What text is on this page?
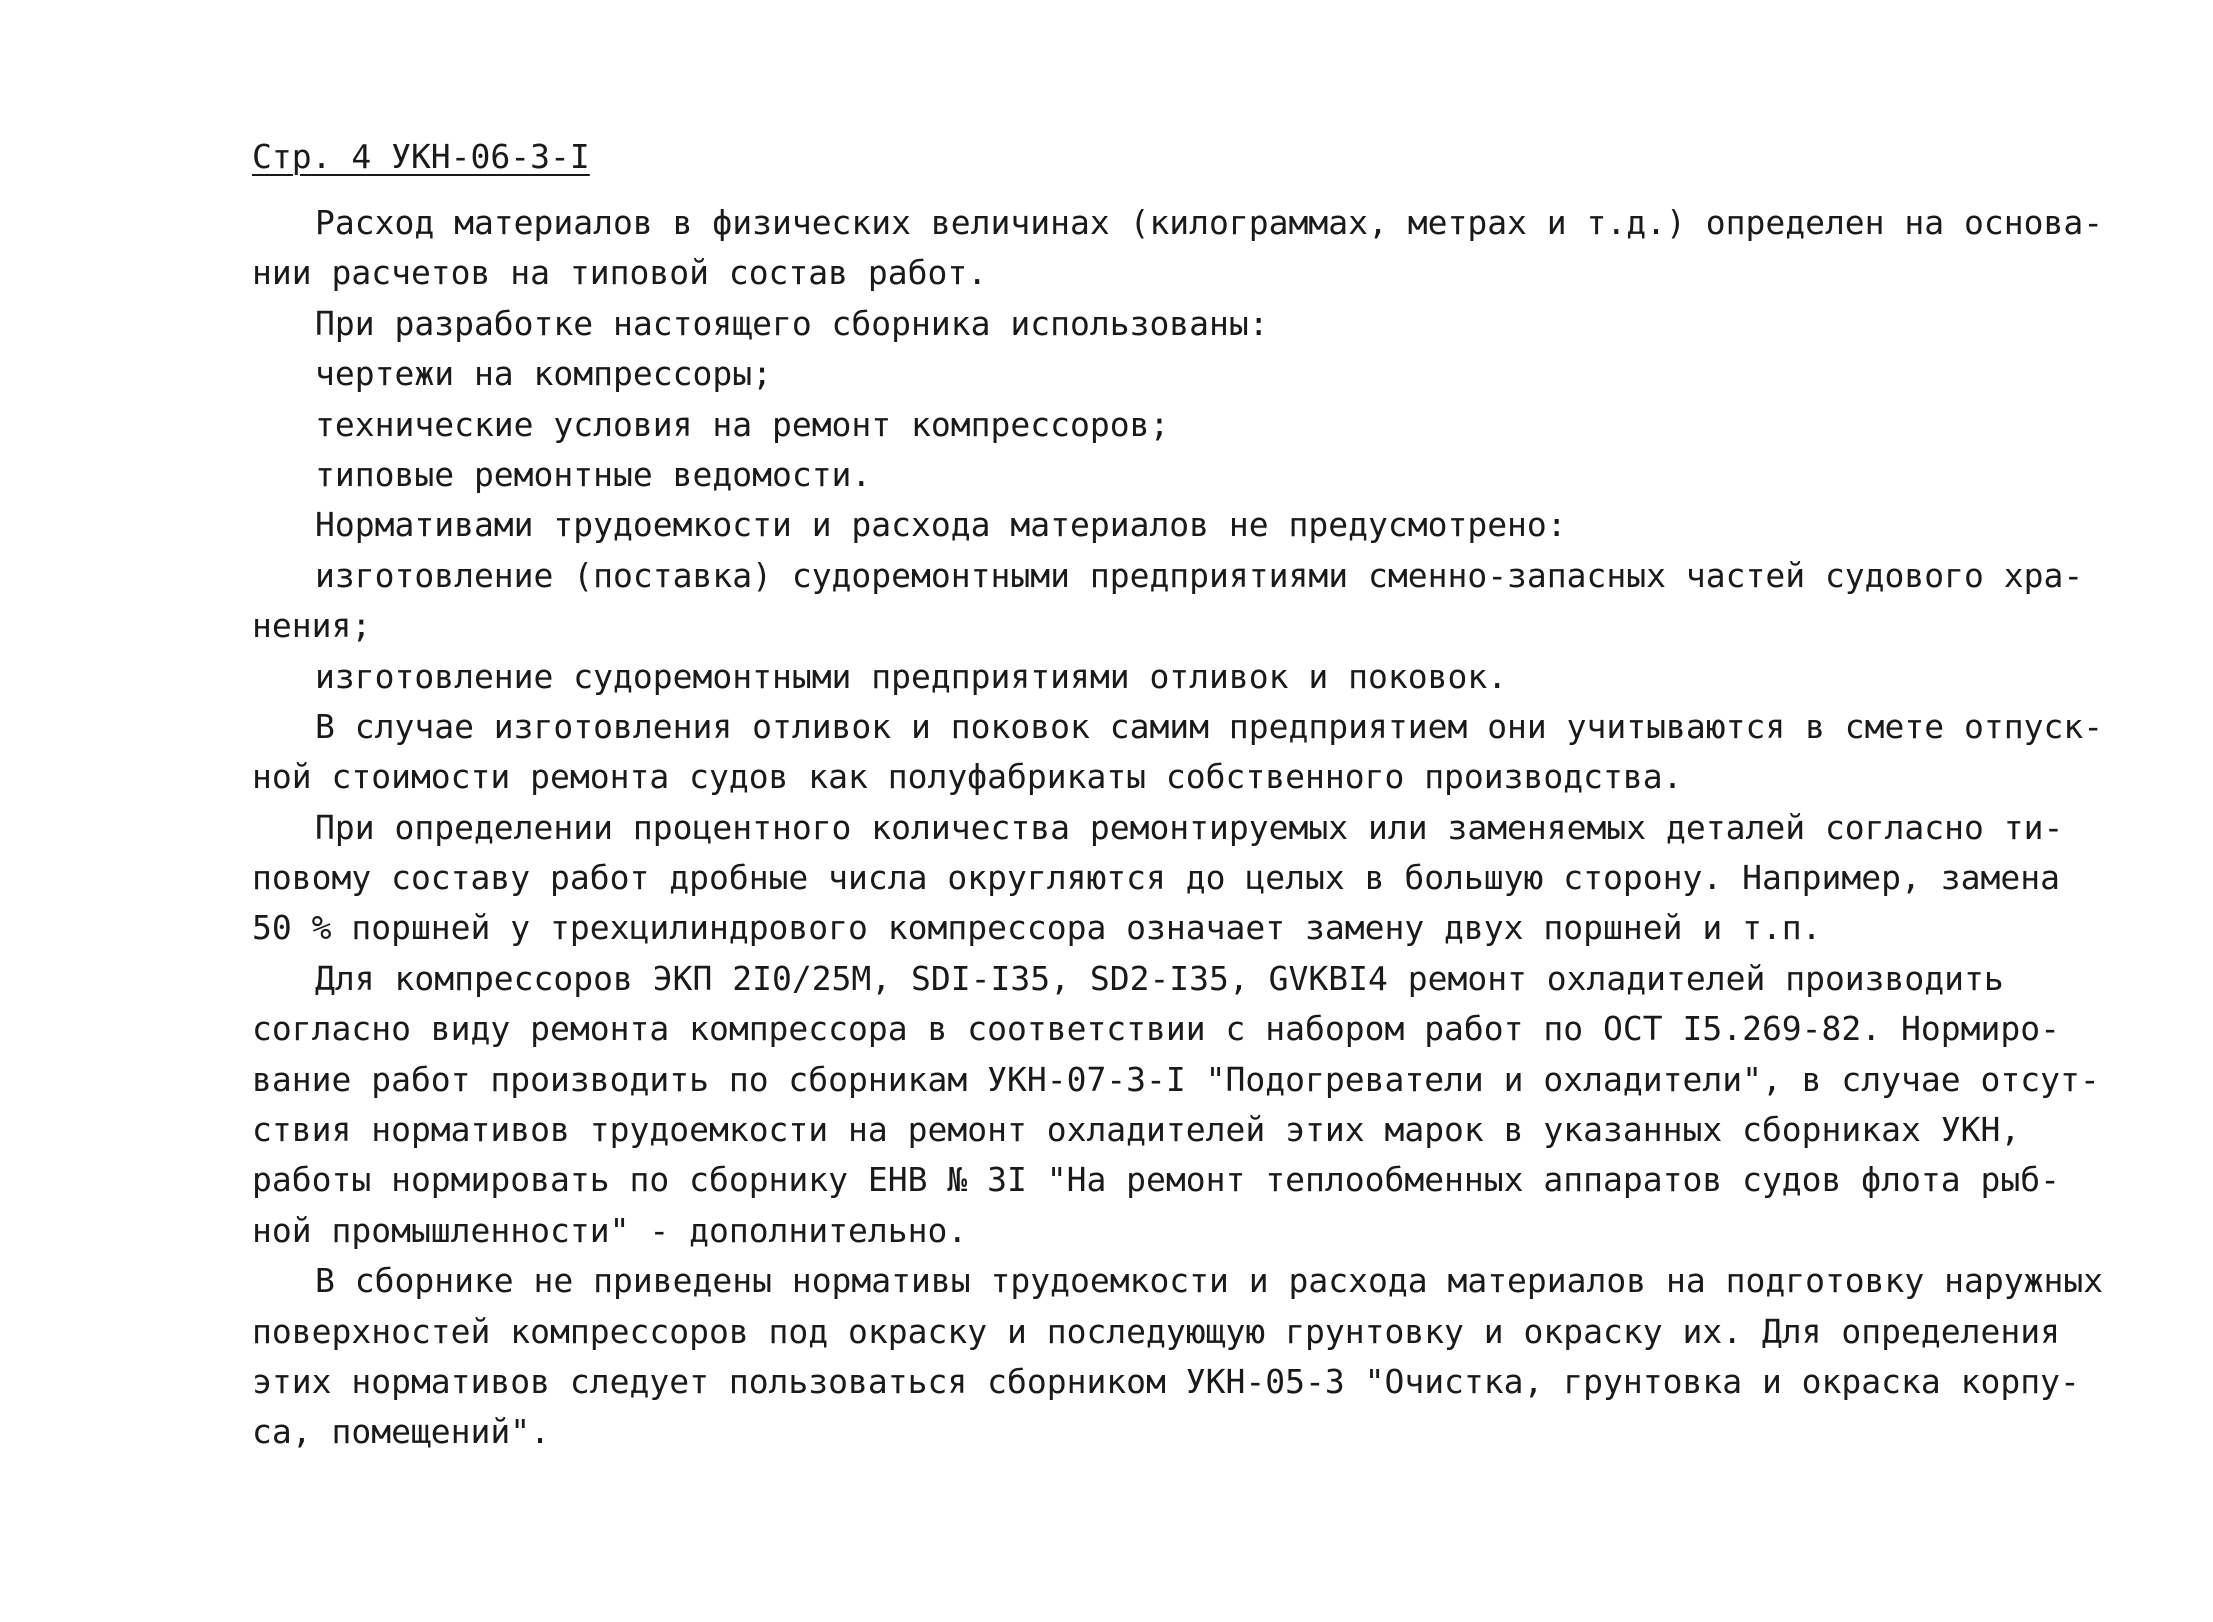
Стр. 4 УКН-06-3-I
Расход материалов в физических величинах (килограммах, метрах и т.д.) определен на основа-
нии расчетов на типовой состав работ.
При разработке настоящего сборника использованы:
чертежи на компрессоры;
технические условия на ремонт компрессоров;
типовые ремонтные ведомости.
Нормативами трудоемкости и расхода материалов не предусмотрено:
изготовление (поставка) судоремонтными предприятиями сменно-запасных частей судового хра-
нения;
изготовление судоремонтными предприятиями отливок и поковок.
В случае изготовления отливок и поковок самим предприятием они учитываются в смете отпуск-
ной стоимости ремонта судов как полуфабрикаты собственного производства.
При определении процентного количества ремонтируемых или заменяемых деталей согласно ти-
повому составу работ дробные числа округляются до целых в большую сторону. Например, замена
50 % поршней у трехцилиндрового компрессора означает замену двух поршней и т.п.
Для компрессоров ЭКП 2I0/25М, SDI-I35, SD2-I35, GVKBI4 ремонт охладителей производить
согласно виду ремонта компрессора в соответствии с набором работ по ОСТ I5.269-82. Нормиро-
вание работ производить по сборникам УКН-07-3-I "Подогреватели и охладители", в случае отсут-
ствия нормативов трудоемкости на ремонт охладителей этих марок в указанных сборниках УКН,
работы нормировать по сборнику ЕНВ № 3I "На ремонт теплообменных аппаратов судов флота рыб-
ной промышленности" - дополнительно.
В сборнике не приведены нормативы трудоемкости и расхода материалов на подготовку наружных
поверхностей компрессоров под окраску и последующую грунтовку и окраску их. Для определения
этих нормативов следует пользоваться сборником УКН-05-3 "Очистка, грунтовка и окраска корпу-
са, помещений".
